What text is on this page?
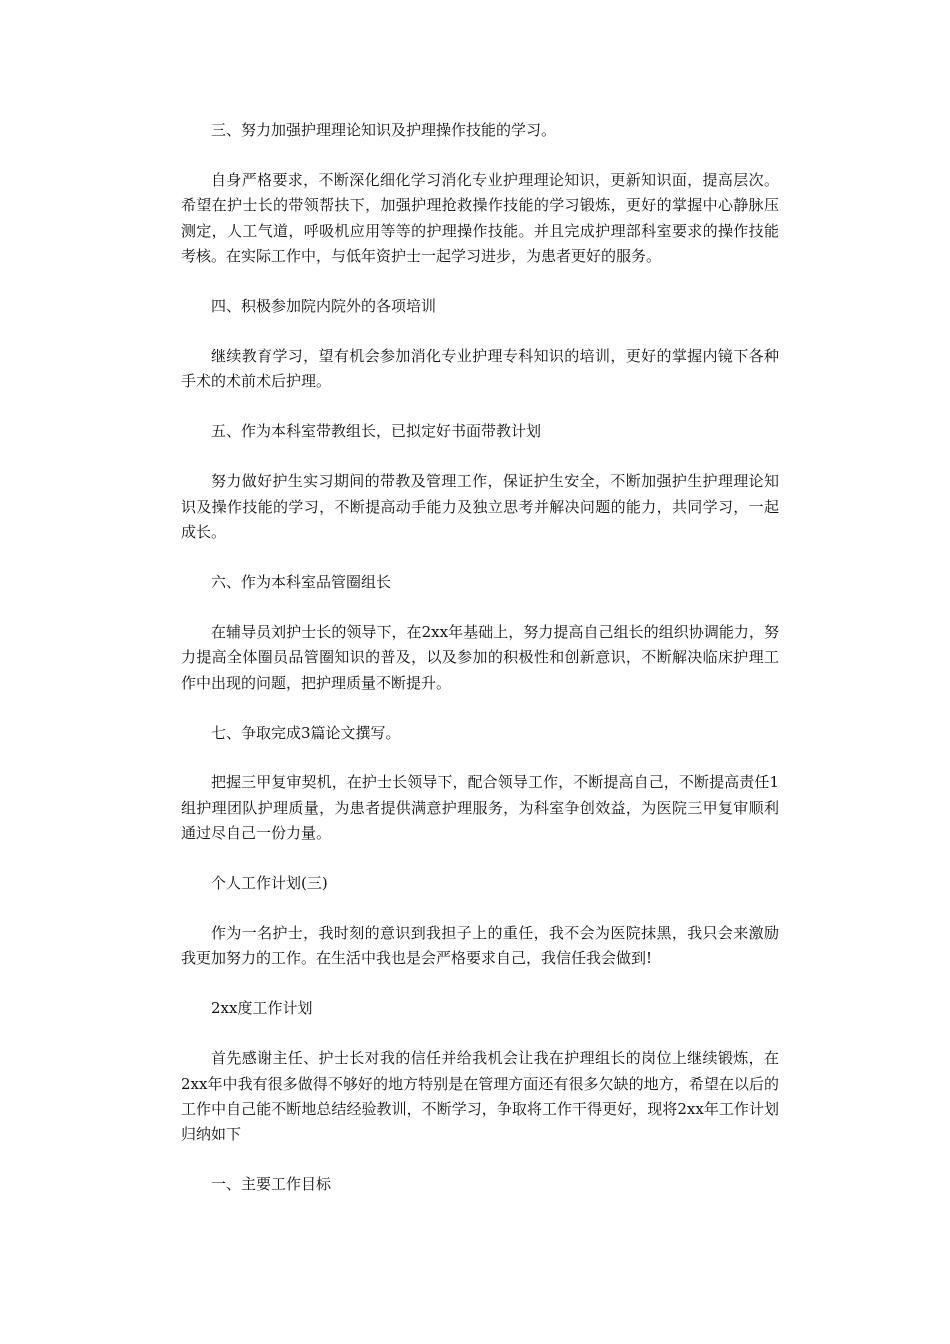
三、努力加强护理理论知识及护理操作技能的学习。

自身严格要求，不断深化细化学习消化专业护理理论知识，更新知识面，提高层次。希望在护士长的带领帮扶下，加强护理抢救操作技能的学习锻炼，更好的掌握中心静脉压测定，人工气道，呼吸机应用等等的护理操作技能。并且完成护理部科室要求的操作技能考核。在实际工作中，与低年资护士一起学习进步，为患者更好的服务。

四、积极参加院内院外的各项培训

继续教育学习，望有机会参加消化专业护理专科知识的培训，更好的掌握内镜下各种手术的术前术后护理。

五、作为本科室带教组长，已拟定好书面带教计划

努力做好护生实习期间的带教及管理工作，保证护生安全，不断加强护生护理理论知识及操作技能的学习，不断提高动手能力及独立思考并解决问题的能力，共同学习，一起成长。

六、作为本科室品管圈组长

在辅导员刘护士长的领导下，在2xx年基础上，努力提高自己组长的组织协调能力，努力提高全体圈员品管圈知识的普及，以及参加的积极性和创新意识，不断解决临床护理工作中出现的问题，把护理质量不断提升。

七、争取完成3篇论文撰写。

把握三甲复审契机，在护士长领导下，配合领导工作，不断提高自己，不断提高责任1组护理团队护理质量，为患者提供满意护理服务，为科室争创效益，为医院三甲复审顺利通过尽自己一份力量。

个人工作计划(三)

作为一名护士，我时刻的意识到我担子上的重任，我不会为医院抹黑，我只会来激励我更加努力的工作。在生活中我也是会严格要求自己，我信任我会做到!

2xx度工作计划

首先感谢主任、护士长对我的信任并给我机会让我在护理组长的岗位上继续锻炼，在2xx年中我有很多做得不够好的地方特别是在管理方面还有很多欠缺的地方，希望在以后的工作中自己能不断地总结经验教训，不断学习，争取将工作干得更好，现将2xx年工作计划归纳如下

一、主要工作目标
